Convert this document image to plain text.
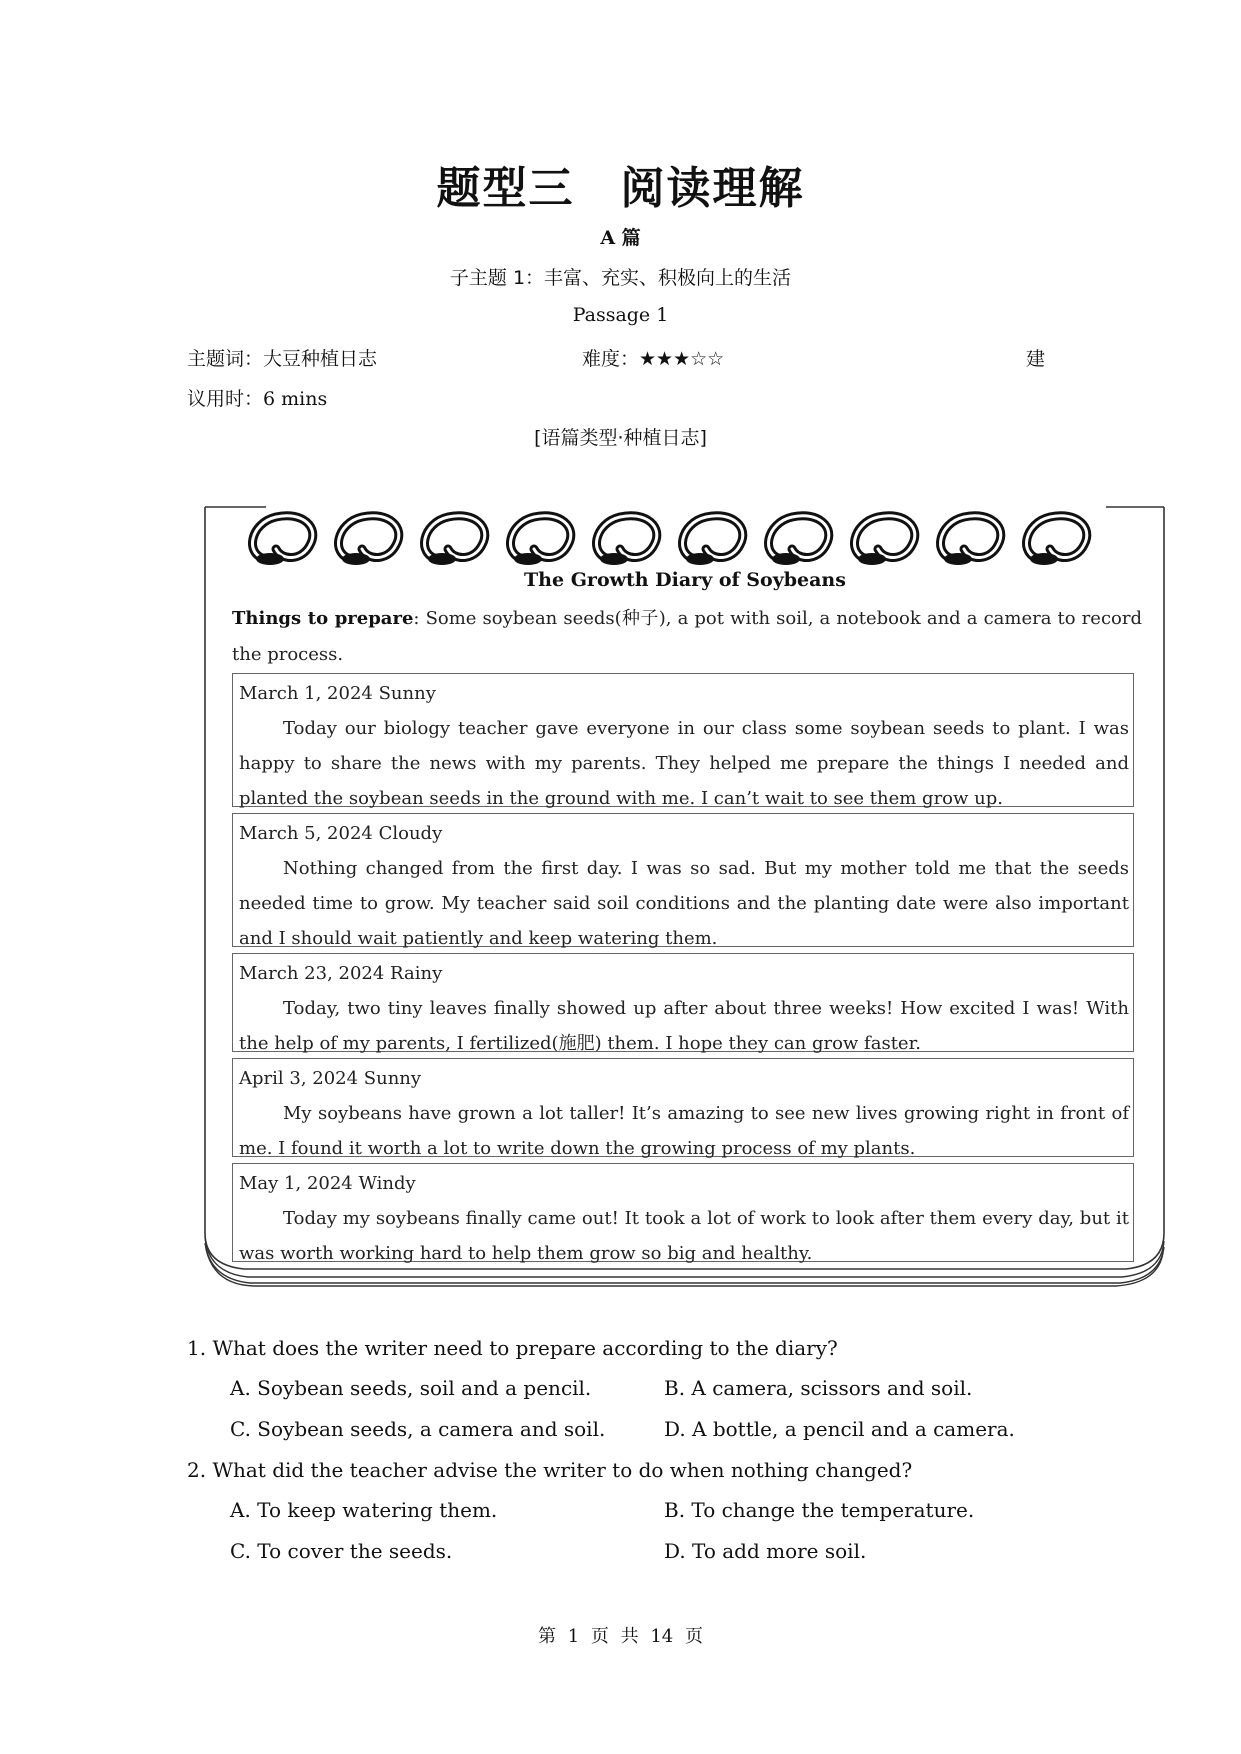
题型三 阅读理解
A 篇
子主题 1：丰富、充实、积极向上的生活
Passage 1
主题词：大豆种植日志	难度：★★★☆☆	建
议用时：6 mins
[语篇类型·种植日志]
The Growth Diary of Soybeans
Things to prepare: Some soybean seeds(种子), a pot with soil, a notebook and a camera to record the process.
March 1, 2024 Sunny
Today our biology teacher gave everyone in our class some soybean seeds to plant. I was happy to share the news with my parents. They helped me prepare the things I needed and planted the soybean seeds in the ground with me. I can’t wait to see them grow up.
March 5, 2024 Cloudy
Nothing changed from the first day. I was so sad. But my mother told me that the seeds needed time to grow. My teacher said soil conditions and the planting date were also important and I should wait patiently and keep watering them.
March 23, 2024 Rainy
Today, two tiny leaves finally showed up after about three weeks! How excited I was! With the help of my parents, I fertilized(施肥) them. I hope they can grow faster.
April 3, 2024 Sunny
My soybeans have grown a lot taller! It’s amazing to see new lives growing right in front of me. I found it worth a lot to write down the growing process of my plants.
May 1, 2024 Windy
Today my soybeans finally came out! It took a lot of work to look after them every day, but it was worth working hard to help them grow so big and healthy.
1. What does the writer need to prepare according to the diary?
A. Soybean seeds, soil and a pencil.	B. A camera, scissors and soil.
C. Soybean seeds, a camera and soil.	D. A bottle, a pencil and a camera.
2. What did the teacher advise the writer to do when nothing changed?
A. To keep watering them.	B. To change the temperature.
C. To cover the seeds.	D. To add more soil.
第 1 页 共 14 页
